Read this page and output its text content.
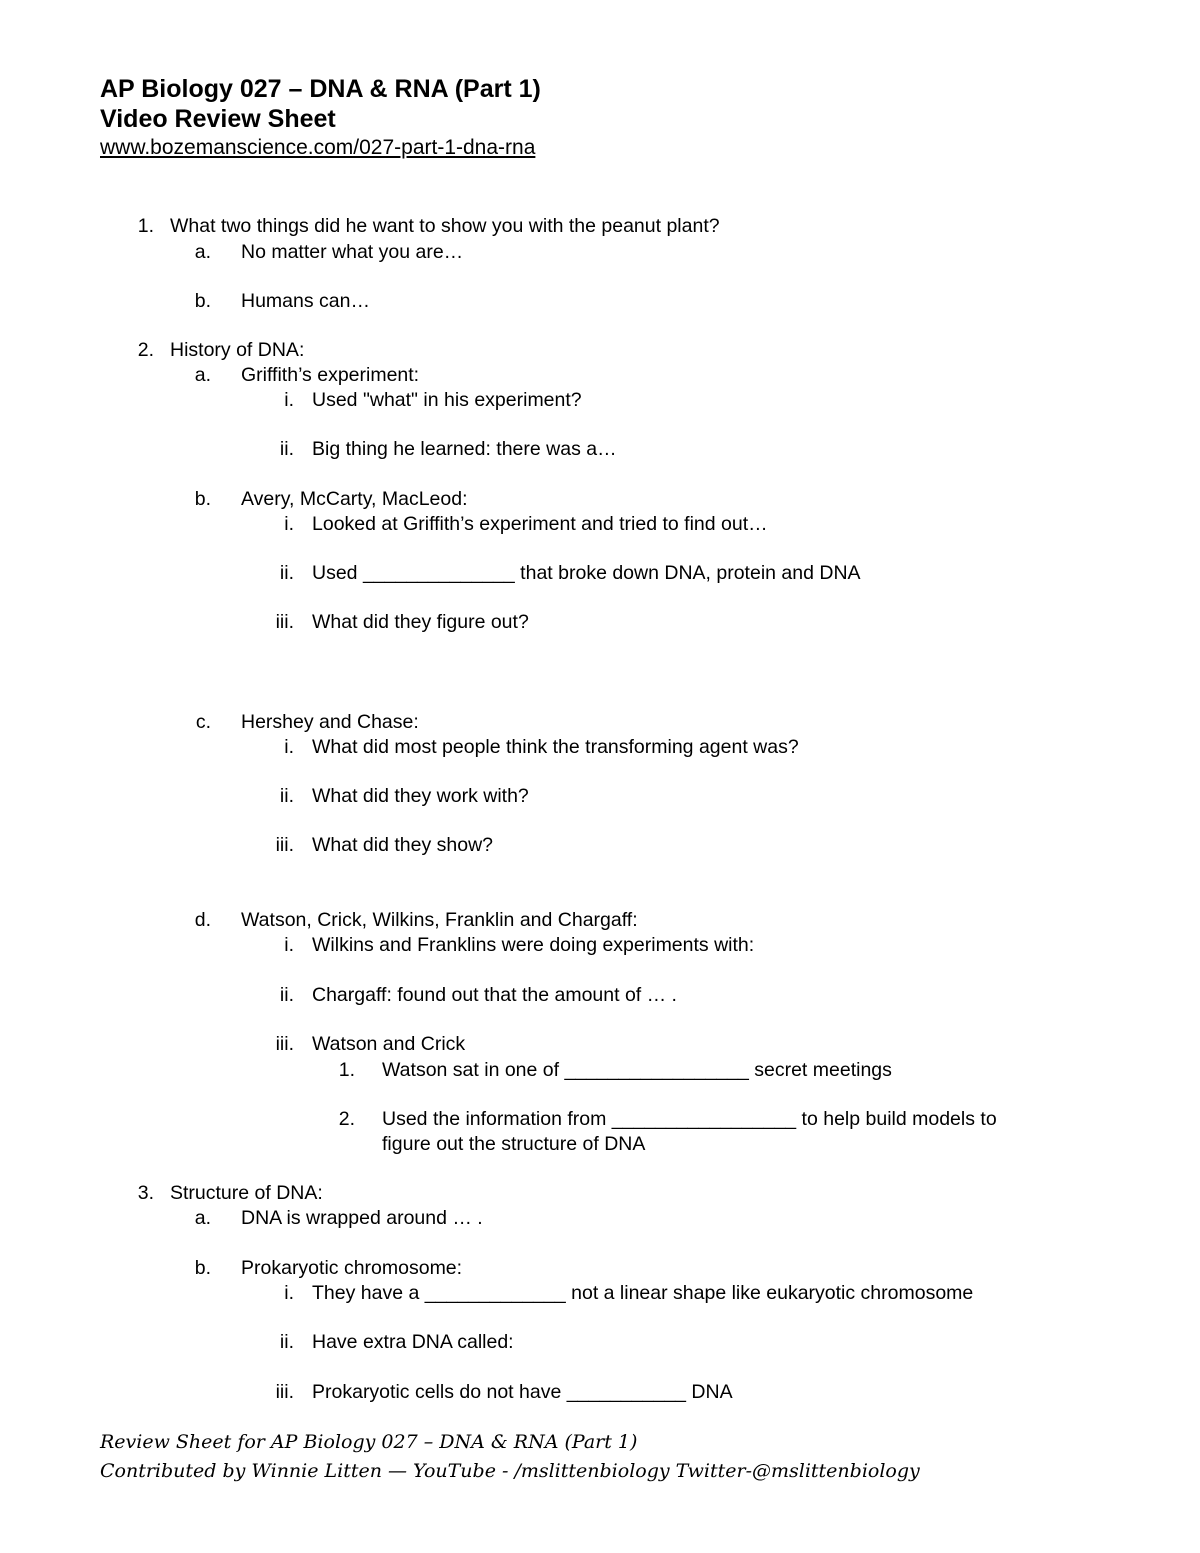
AP Biology 027 – DNA & RNA (Part 1)
Video Review Sheet
www.bozemanscience.com/027-part-1-dna-rna
1. What two things did he want to show you with the peanut plant?
a. No matter what you are…
b. Humans can…
2. History of DNA:
a. Griffith’s experiment:
i. Used "what" in his experiment?
ii. Big thing he learned: there was a…
b. Avery, McCarty, MacLeod:
i. Looked at Griffith’s experiment and tried to find out…
ii. Used ______________ that broke down DNA, protein and DNA
iii. What did they figure out?
c. Hershey and Chase:
i. What did most people think the transforming agent was?
ii. What did they work with?
iii. What did they show?
d. Watson, Crick, Wilkins, Franklin and Chargaff:
i. Wilkins and Franklins were doing experiments with:
ii. Chargaff: found out that the amount of … .
iii. Watson and Crick
1. Watson sat in one of _________________ secret meetings
2. Used the information from _________________ to help build models to
figure out the structure of DNA
3. Structure of DNA:
a. DNA is wrapped around … .
b. Prokaryotic chromosome:
i. They have a _____________ not a linear shape like eukaryotic chromosome
ii. Have extra DNA called:
iii. Prokaryotic cells do not have ___________ DNA
Review Sheet for AP Biology 027 – DNA & RNA (Part 1)
Contributed by Winnie Litten — YouTube - /mslittenbiology Twitter-@mslittenbiology
